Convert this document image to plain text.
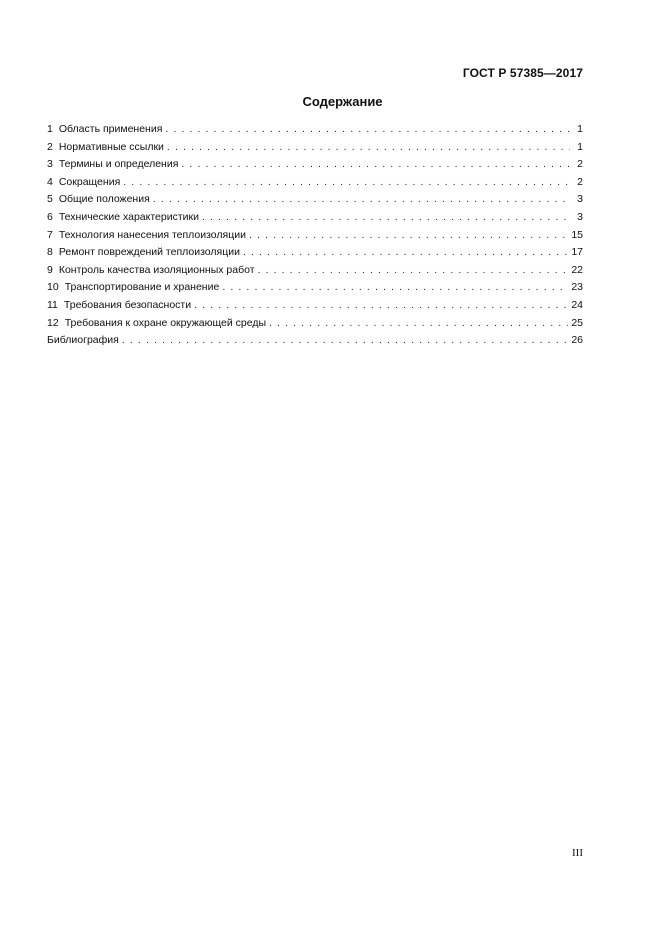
ГОСТ Р 57385—2017
Содержание
1 Область применения . . .	1
2 Нормативные ссылки . . .	1
3 Термины и определения . . .	2
4 Сокращения . . .	2
5 Общие положения . . .	3
6 Технические характеристики . . .	3
7 Технология нанесения теплоизоляции . . .	15
8 Ремонт повреждений теплоизоляции . . .	17
9 Контроль качества изоляционных работ . . .	22
10 Транспортирование и хранение . . .	23
11 Требования безопасности . . .	24
12 Требования к охране окружающей среды . . .	25
Библиография . . .	26
III
